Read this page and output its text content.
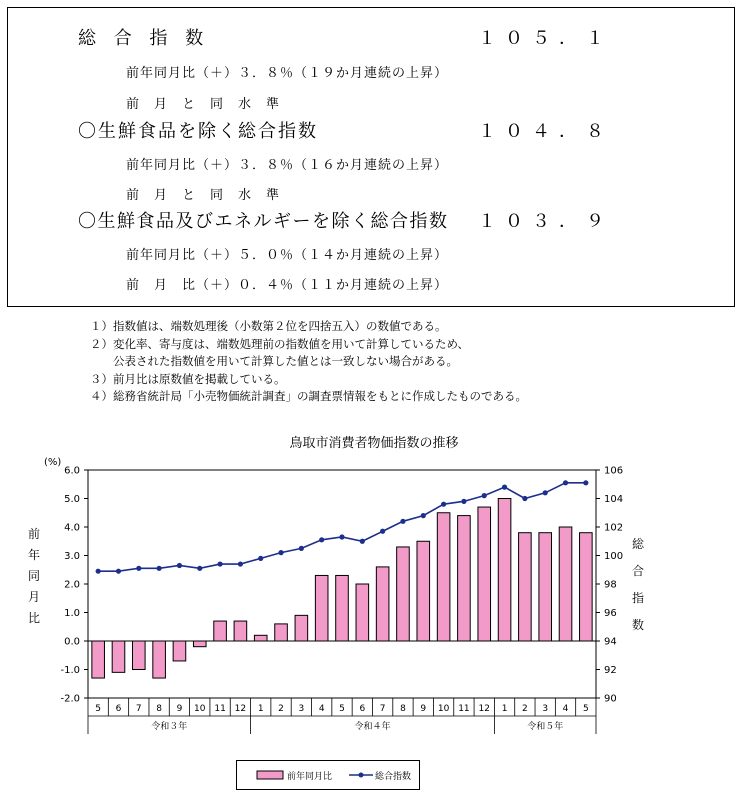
総 合 指 数	１０５．１
前年同月比（＋）３．８％（１９か月連続の上昇）
前　月　と　同　水　準
〇生鮮食品を除く総合指数	１０４．８
前年同月比（＋）３．８％（１６か月連続の上昇）
前　月　と　同　水　準
〇生鮮食品及びエネルギーを除く総合指数 １０３．９
前年同月比（＋）５．０％（１４か月連続の上昇）
前　月　比（＋）０．４％（１１か月連続の上昇）
１）指数値は、端数処理後（小数第２位を四捨五入）の数値である。
２）変化率、寄与度は、端数処理前の指数値を用いて計算しているため、
　　公表された指数値を用いて計算した値とは一致しない場合がある。
３）前月比は原数値を掲載している。
４）総務省統計局「小売物価統計調査」の調査票情報をもとに作成したものである。
鳥取市消費者物価指数の推移
-2.0
-1.0
0.0
1.0
2.0
3.0
4.0
5.0
6.0
90
92
94
96
98
100
102
104
106
(%)
前
年
同
月
比
総
合
指
数
5 6 7 8 9 10 11 12 1 2 3 4 5 6 7 8 9 10 11 12 1 2 3 4 5
令和３年	令和４年	令和５年
前年同月比	総合指数
